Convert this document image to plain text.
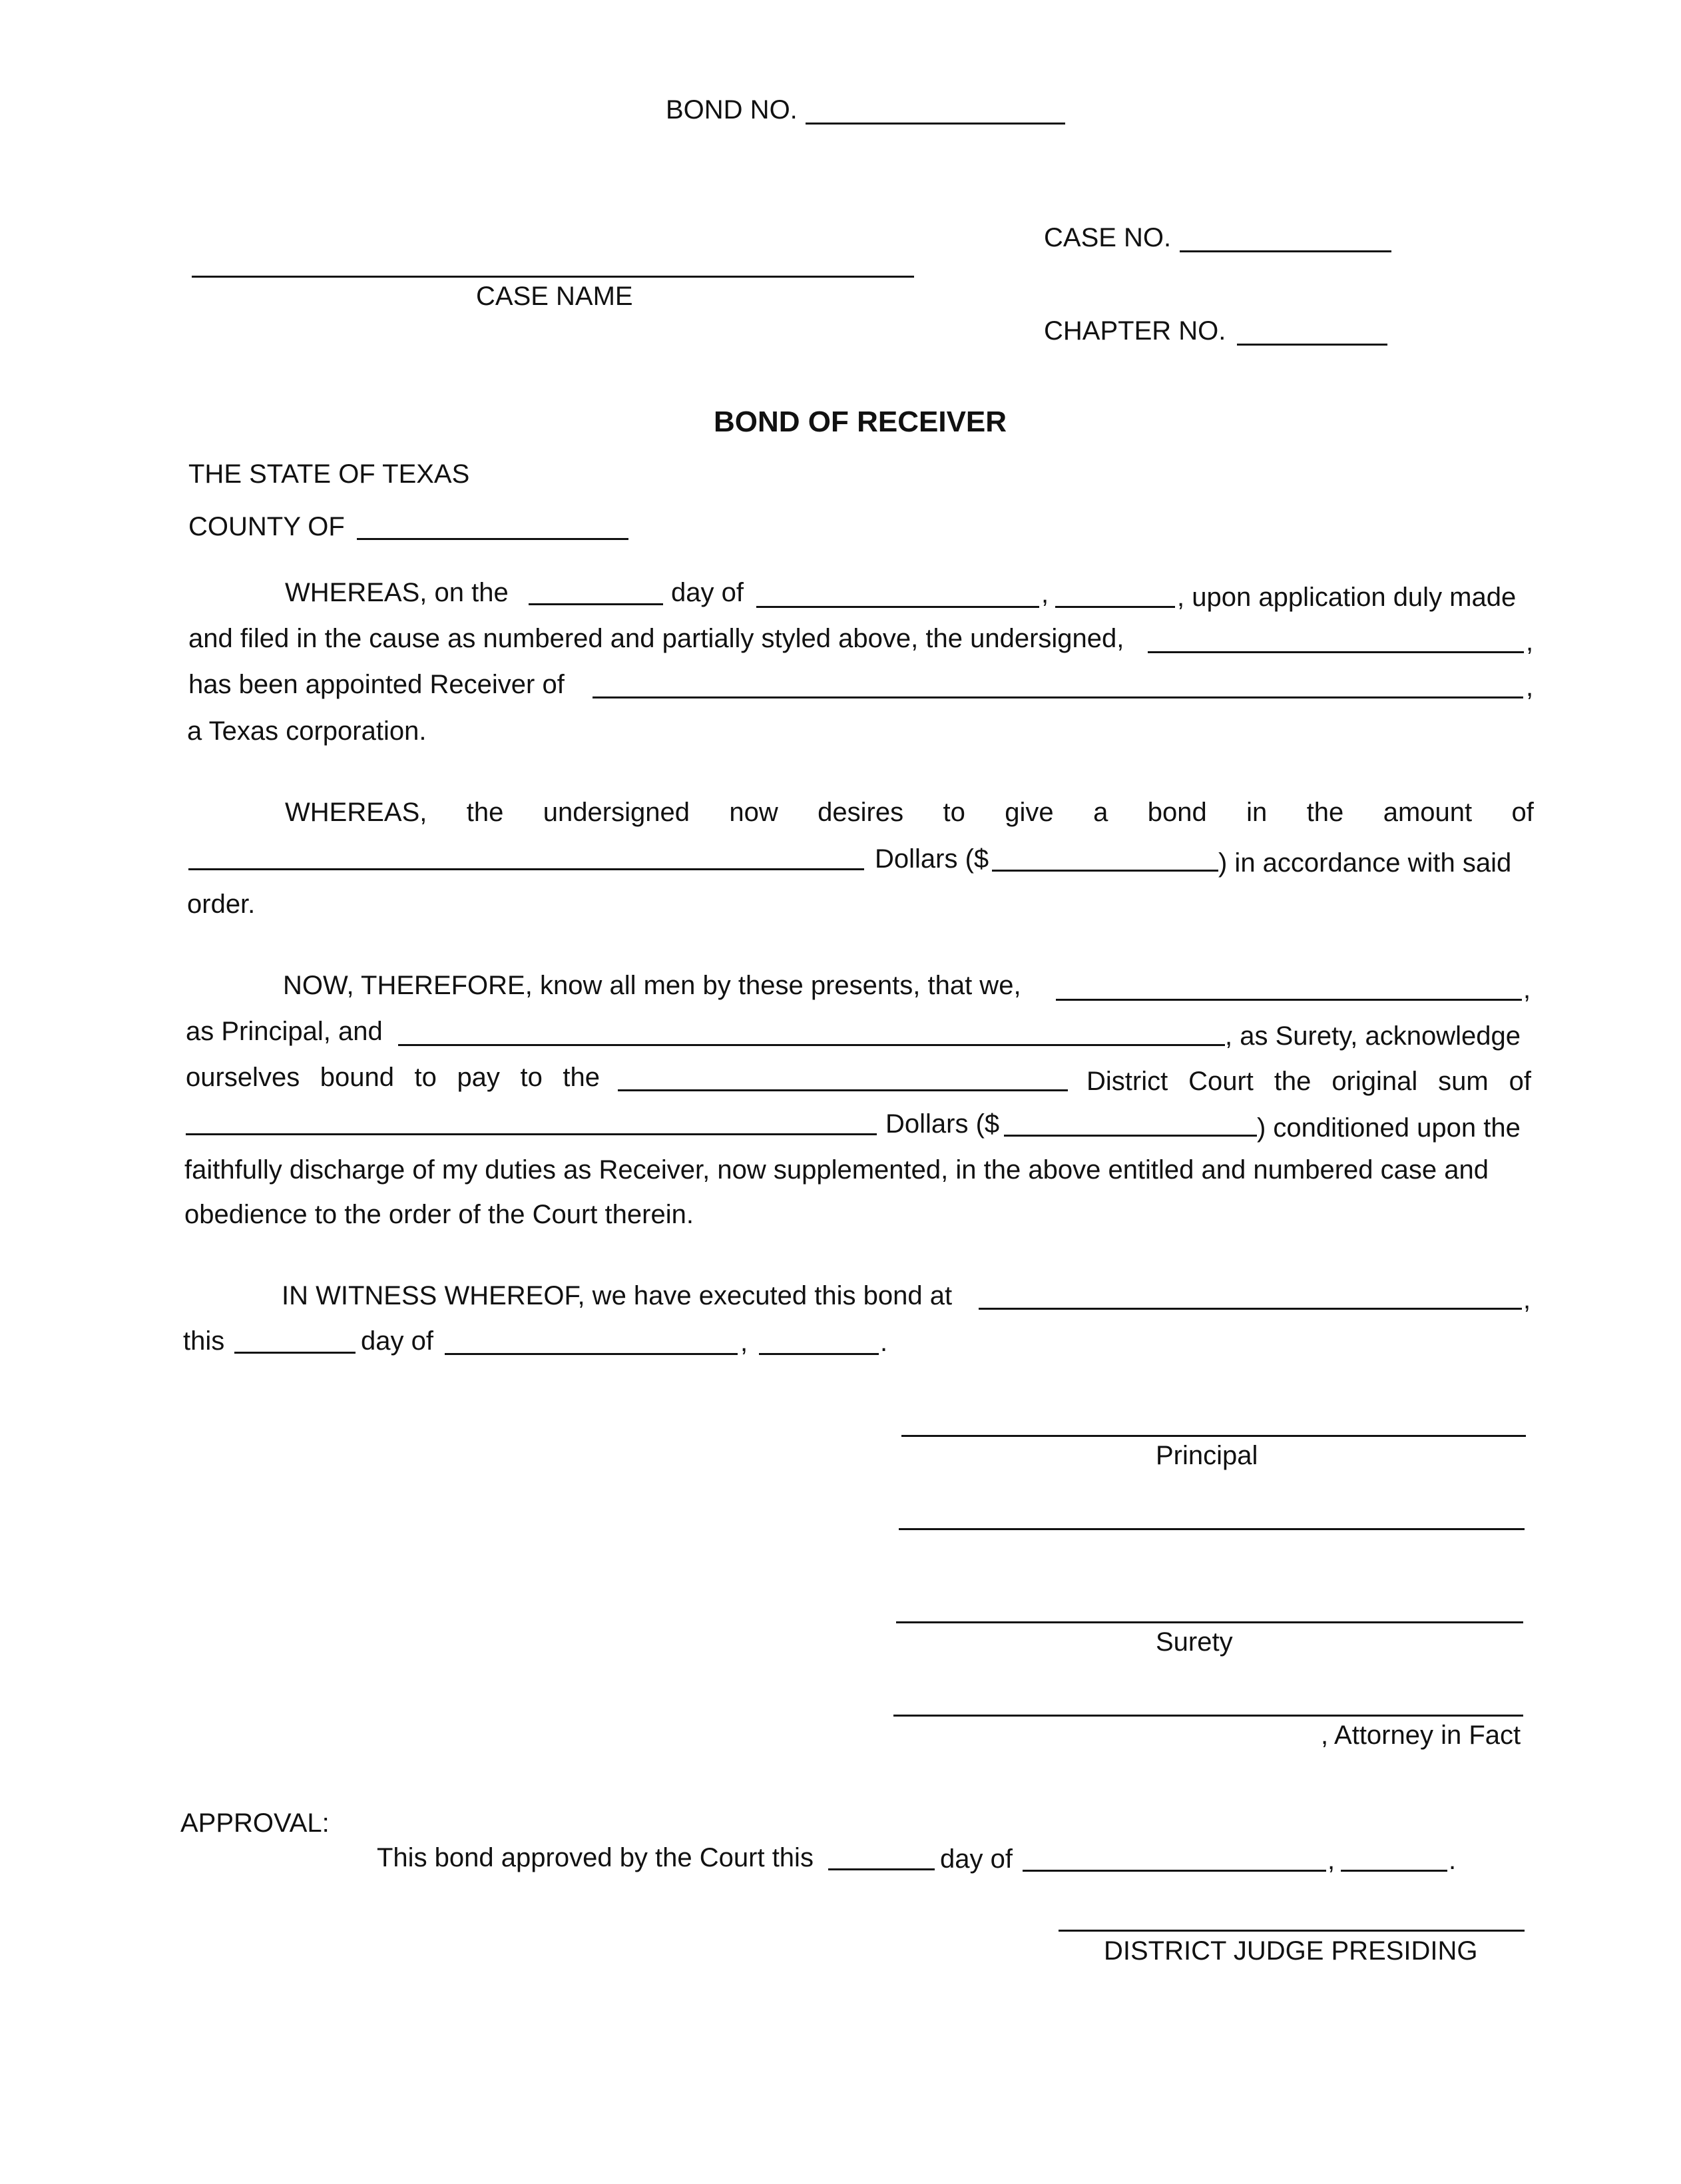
BOND NO.
CASE NO.
CASE NAME
CHAPTER NO.
BOND OF RECEIVER
THE STATE OF TEXAS
COUNTY OF
WHEREAS, on the	day of	,	, upon application duly made
and filed in the cause as numbered and partially styled above, the undersigned,	,
has been appointed Receiver of	,
a Texas corporation.
WHEREAS, the undersigned now desires to give a bond in the amount of
Dollars ($	) in accordance with said
order.
NOW, THEREFORE, know all men by these presents, that we,	,
as Principal, and	, as Surety, acknowledge
ourselves bound to pay to the	District Court the original sum of
Dollars ($	) conditioned upon the
faithfully discharge of my duties as Receiver, now supplemented, in the above entitled and numbered case and
obedience to the order of the Court therein.
IN WITNESS WHEREOF, we have executed this bond at	,
this	day of	,	.
Principal
Surety
, Attorney in Fact
APPROVAL:
This bond approved by the Court this	day of	,	.
DISTRICT JUDGE PRESIDING
